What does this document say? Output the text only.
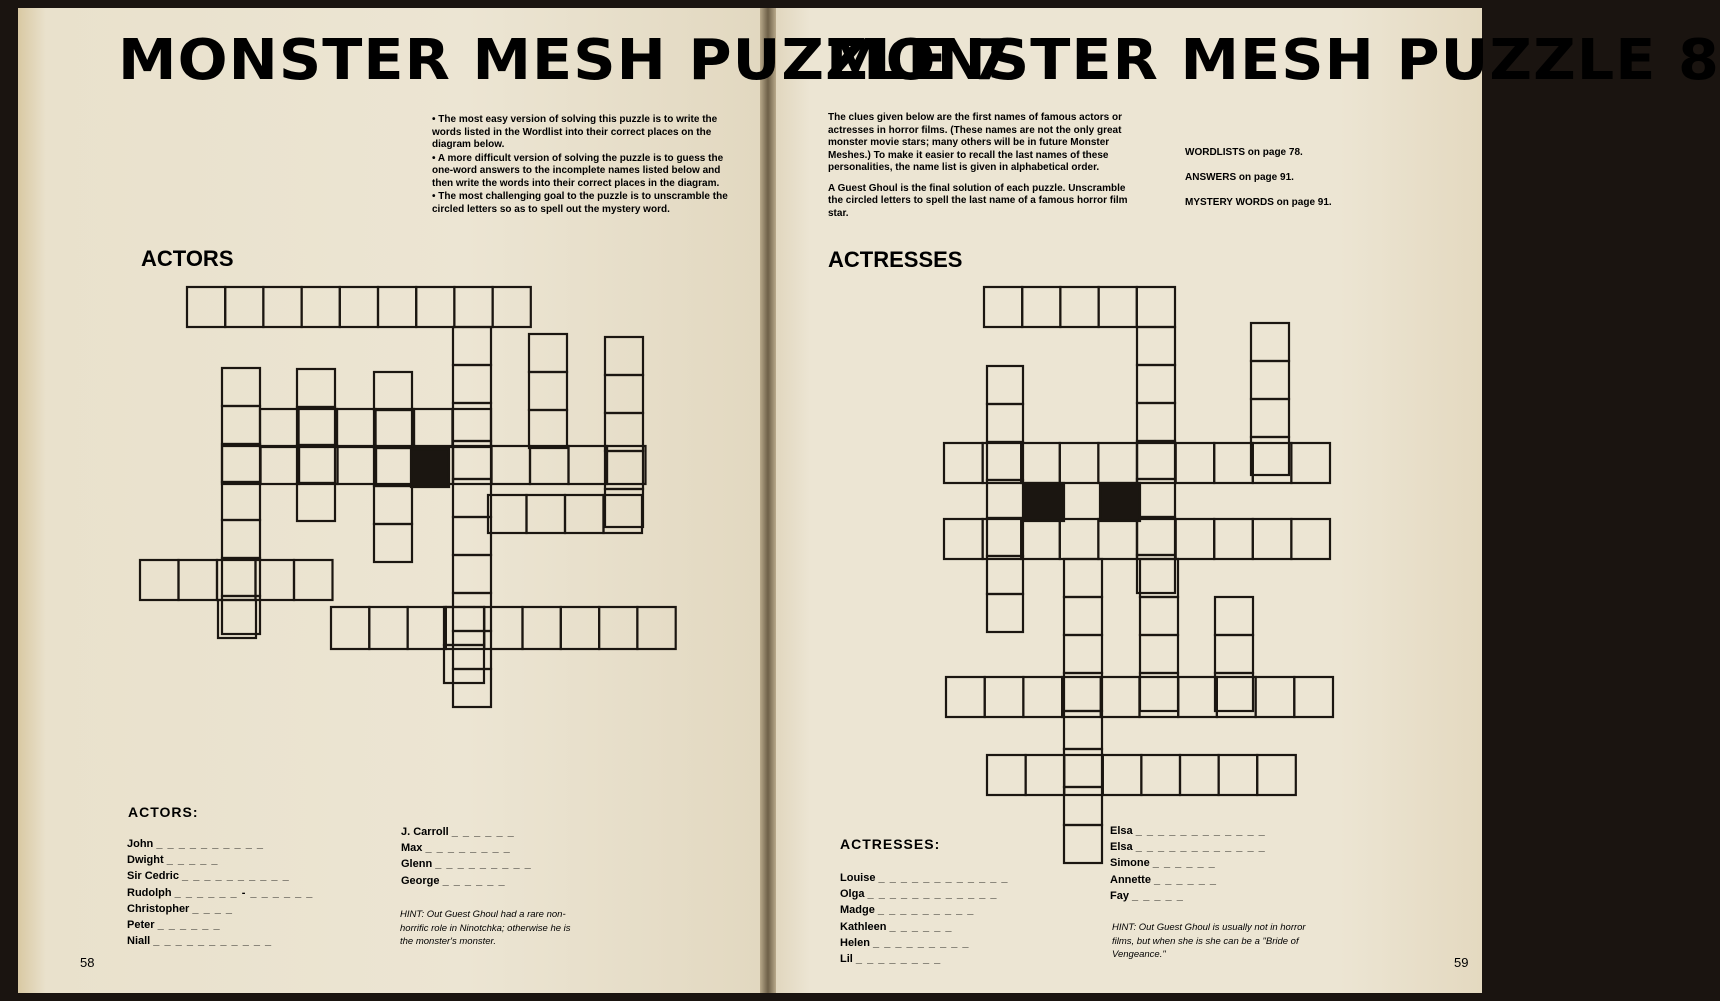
MONSTER MESH PUZZLE 7

• The most easy version of solving this puzzle is to write the words listed in the Wordlist into their correct places on the diagram below.

• A more difficult version of solving the puzzle is to guess the one-word answers to the incomplete names listed below and then write the words into their correct places in the diagram.

• The most challenging goal to the puzzle is to unscramble the circled letters so as to spell out the mystery word.

ACTORS
ACTORS:
John _ _ _ _ _ _ _ _ _ _
Dwight _ _ _ _ _
Sir Cedric _ _ _ _ _ _ _ _ _ _
Rudolph _ _ _ _ _ _ - _ _ _ _ _ _
Christopher _ _ _ _
Peter _ _ _ _ _ _
Niall _ _ _ _ _ _ _ _ _ _ _
J. Carroll _ _ _ _ _ _
Max _ _ _ _ _ _ _ _
Glenn _ _ _ _ _ _ _ _ _
George _ _ _ _ _ _
HINT: Out Guest Ghoul had a rare non-horrific role in Ninotchka; otherwise he is the monster's monster.
58
MONSTER MESH PUZZLE 8

The clues given below are the first names of famous actors or actresses in horror films. (These names are not the only great monster movie stars; many others will be in future Monster Meshes.) To make it easier to recall the last names of these personalities, the name list is given in alphabetical order.

A Guest Ghoul is the final solution of each puzzle. Unscramble the circled letters to spell the last name of a famous horror film star.

WORDLISTS on page 78.
ANSWERS on page 91.
MYSTERY WORDS on page 91.
ACTRESSES
ACTRESSES:
Louise _ _ _ _ _ _ _ _ _ _ _ _
Olga _ _ _ _ _ _ _ _ _ _ _ _
Madge _ _ _ _ _ _ _ _ _
Kathleen _ _ _ _ _ _
Helen _ _ _ _ _ _ _ _ _
Lil _ _ _ _ _ _ _ _
Elsa _ _ _ _ _ _ _ _ _ _ _ _
Elsa _ _ _ _ _ _ _ _ _ _ _ _
Simone _ _ _ _ _ _
Annette _ _ _ _ _ _
Fay _ _ _ _ _
HINT: Out Guest Ghoul is usually not in horror films, but when she is she can be a "Bride of Vengeance."
59
